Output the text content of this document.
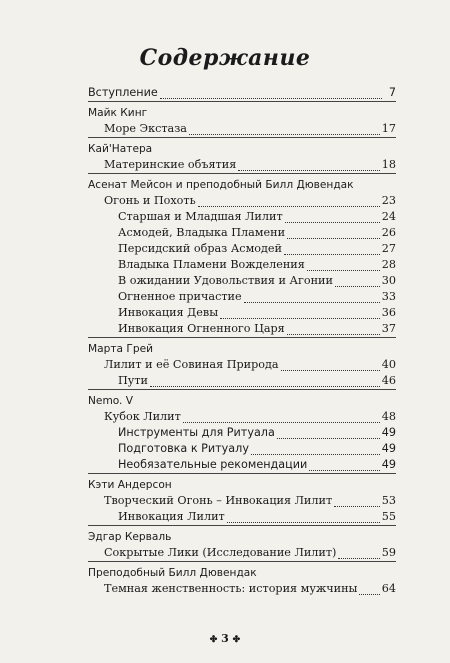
Содержание
Вступление	7
Майк Кинг
Море Экстаза	17
Кай'Натера
Материнские объятия	18
Асенат Мейсон и преподобный Билл Дювендак
Огонь и Похоть	23
Старшая и Младшая Лилит	24
Асмодей, Владыка Пламени	26
Персидский образ Асмодей	27
Владыка Пламени Вожделения	28
В ожидании Удовольствия и Агонии	30
Огненное причастие	33
Инвокация Девы	36
Инвокация Огненного Царя	37
Марта Грей
Лилит и её Совиная Природа	40
Пути	46
Nemo. V
Кубок Лилит	48
Инструменты для Ритуала	49
Подготовка к Ритуалу	49
Необязательные рекомендации	49
Кэти Андерсон
Творческий Огонь – Инвокация Лилит	53
Инвокация Лилит	55
Эдгар Керваль
Сокрытые Лики (Исследование Лилит)	59
Преподобный Билл Дювендак
Темная женственность: история мужчины 64
✤ 3 ✤
